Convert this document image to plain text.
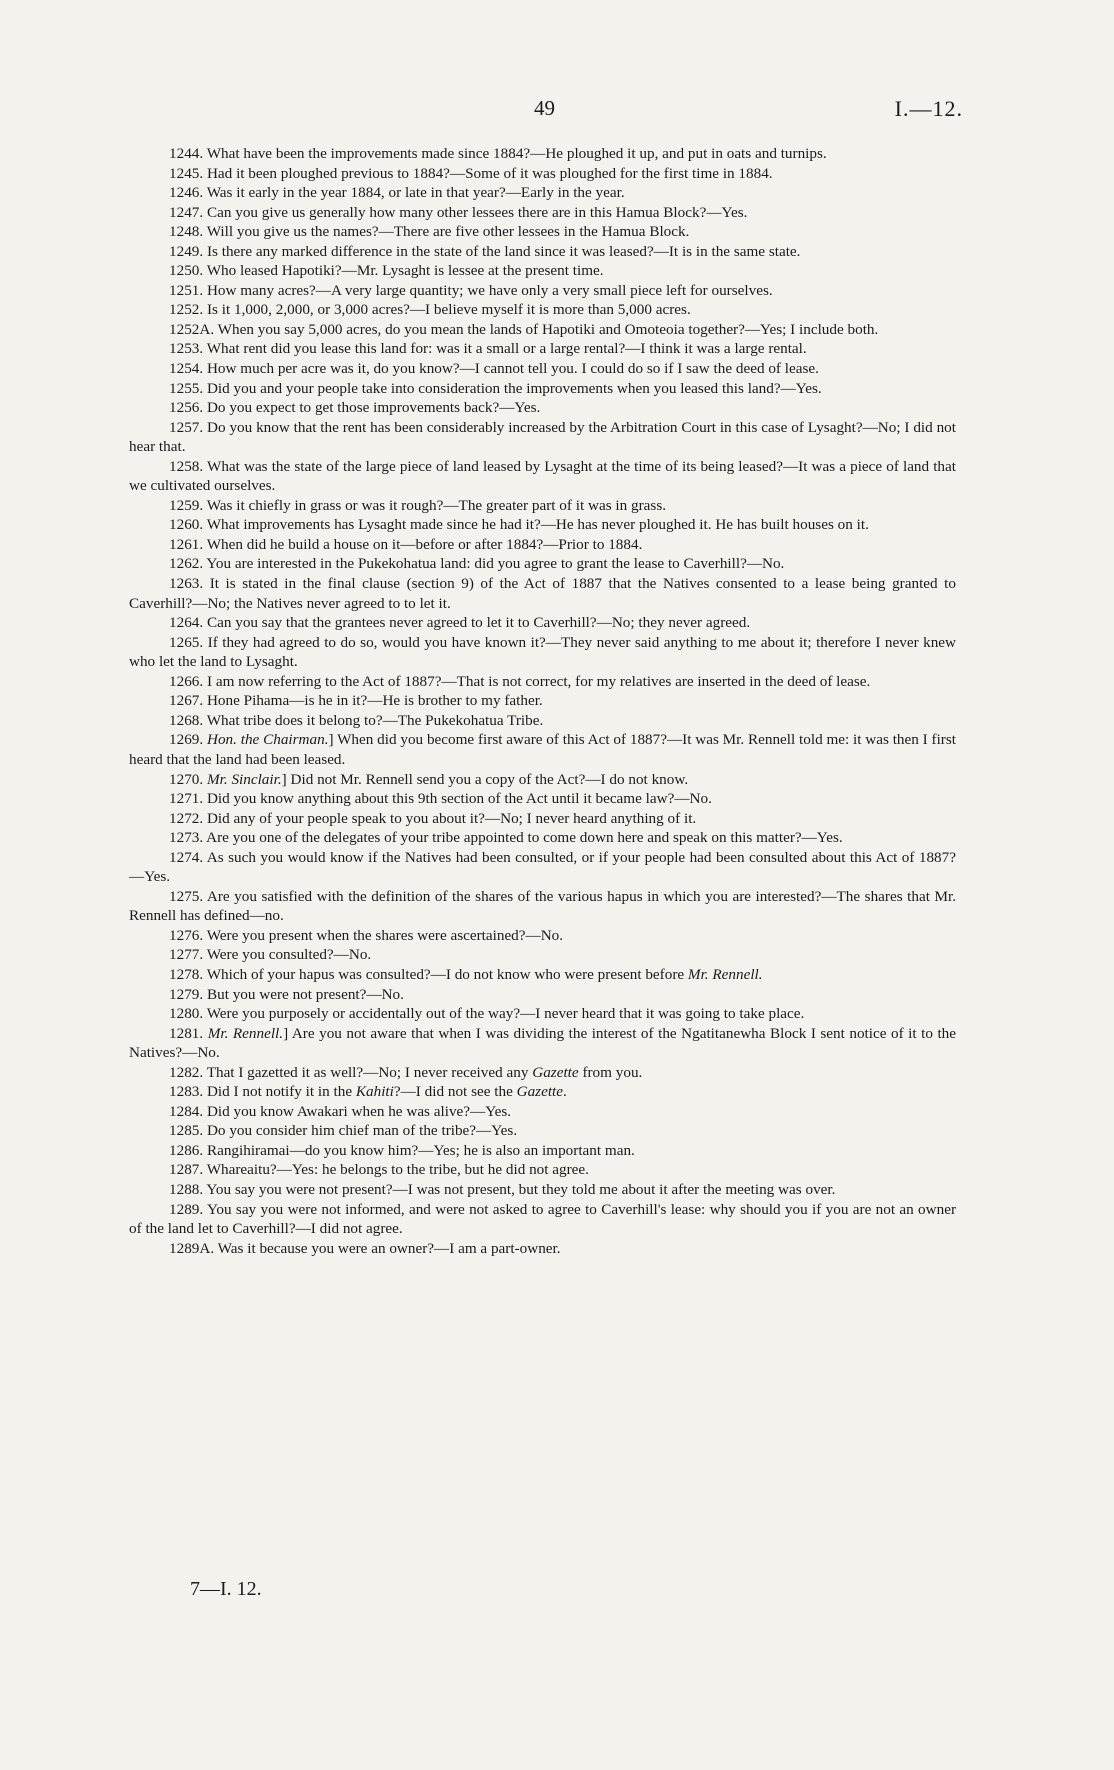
49	I.—12.

1244. What have been the improvements made since 1884?—He ploughed it up, and put in oats and turnips.

1245. Had it been ploughed previous to 1884?—Some of it was ploughed for the first time in 1884.

1246. Was it early in the year 1884, or late in that year?—Early in the year.

1247. Can you give us generally how many other lessees there are in this Hamua Block?—Yes.

1248. Will you give us the names?—There are five other lessees in the Hamua Block.

1249. Is there any marked difference in the state of the land since it was leased?—It is in the same state.

1250. Who leased Hapotiki?—Mr. Lysaght is lessee at the present time.

1251. How many acres?—A very large quantity; we have only a very small piece left for ourselves.

1252. Is it 1,000, 2,000, or 3,000 acres?—I believe myself it is more than 5,000 acres.

1252A. When you say 5,000 acres, do you mean the lands of Hapotiki and Omoteoia together?—Yes; I include both.

1253. What rent did you lease this land for: was it a small or a large rental?—I think it was a large rental.

1254. How much per acre was it, do you know?—I cannot tell you. I could do so if I saw the deed of lease.

1255. Did you and your people take into consideration the improvements when you leased this land?—Yes.

1256. Do you expect to get those improvements back?—Yes.

1257. Do you know that the rent has been considerably increased by the Arbitration Court in this case of Lysaght?—No; I did not hear that.

1258. What was the state of the large piece of land leased by Lysaght at the time of its being leased?—It was a piece of land that we cultivated ourselves.

1259. Was it chiefly in grass or was it rough?—The greater part of it was in grass.

1260. What improvements has Lysaght made since he had it?—He has never ploughed it. He has built houses on it.

1261. When did he build a house on it—before or after 1884?—Prior to 1884.

1262. You are interested in the Pukekohatua land: did you agree to grant the lease to Caverhill?—No.

1263. It is stated in the final clause (section 9) of the Act of 1887 that the Natives consented to a lease being granted to Caverhill?—No; the Natives never agreed to to let it.

1264. Can you say that the grantees never agreed to let it to Caverhill?—No; they never agreed.

1265. If they had agreed to do so, would you have known it?—They never said anything to me about it; therefore I never knew who let the land to Lysaght.

1266. I am now referring to the Act of 1887?—That is not correct, for my relatives are inserted in the deed of lease.

1267. Hone Pihama—is he in it?—He is brother to my father.

1268. What tribe does it belong to?—The Pukekohatua Tribe.

1269. Hon. the Chairman.] When did you become first aware of this Act of 1887?—It was Mr. Rennell told me: it was then I first heard that the land had been leased.

1270. Mr. Sinclair.] Did not Mr. Rennell send you a copy of the Act?—I do not know.

1271. Did you know anything about this 9th section of the Act until it became law?—No.

1272. Did any of your people speak to you about it?—No; I never heard anything of it.

1273. Are you one of the delegates of your tribe appointed to come down here and speak on this matter?—Yes.

1274. As such you would know if the Natives had been consulted, or if your people had been consulted about this Act of 1887?—Yes.

1275. Are you satisfied with the definition of the shares of the various hapus in which you are interested?—The shares that Mr. Rennell has defined—no.

1276. Were you present when the shares were ascertained?—No.

1277. Were you consulted?—No.

1278. Which of your hapus was consulted?—I do not know who were present before Mr. Rennell.

1279. But you were not present?—No.

1280. Were you purposely or accidentally out of the way?—I never heard that it was going to take place.

1281. Mr. Rennell.] Are you not aware that when I was dividing the interest of the Ngatitanewha Block I sent notice of it to the Natives?—No.

1282. That I gazetted it as well?—No; I never received any Gazette from you.

1283. Did I not notify it in the Kahiti?—I did not see the Gazette.

1284. Did you know Awakari when he was alive?—Yes.

1285. Do you consider him chief man of the tribe?—Yes.

1286. Rangihiramai—do you know him?—Yes; he is also an important man.

1287. Whareaitu?—Yes: he belongs to the tribe, but he did not agree.

1288. You say you were not present?—I was not present, but they told me about it after the meeting was over.

1289. You say you were not informed, and were not asked to agree to Caverhill's lease: why should you if you are not an owner of the land let to Caverhill?—I did not agree.

1289A. Was it because you were an owner?—I am a part-owner.

7—I. 12.
